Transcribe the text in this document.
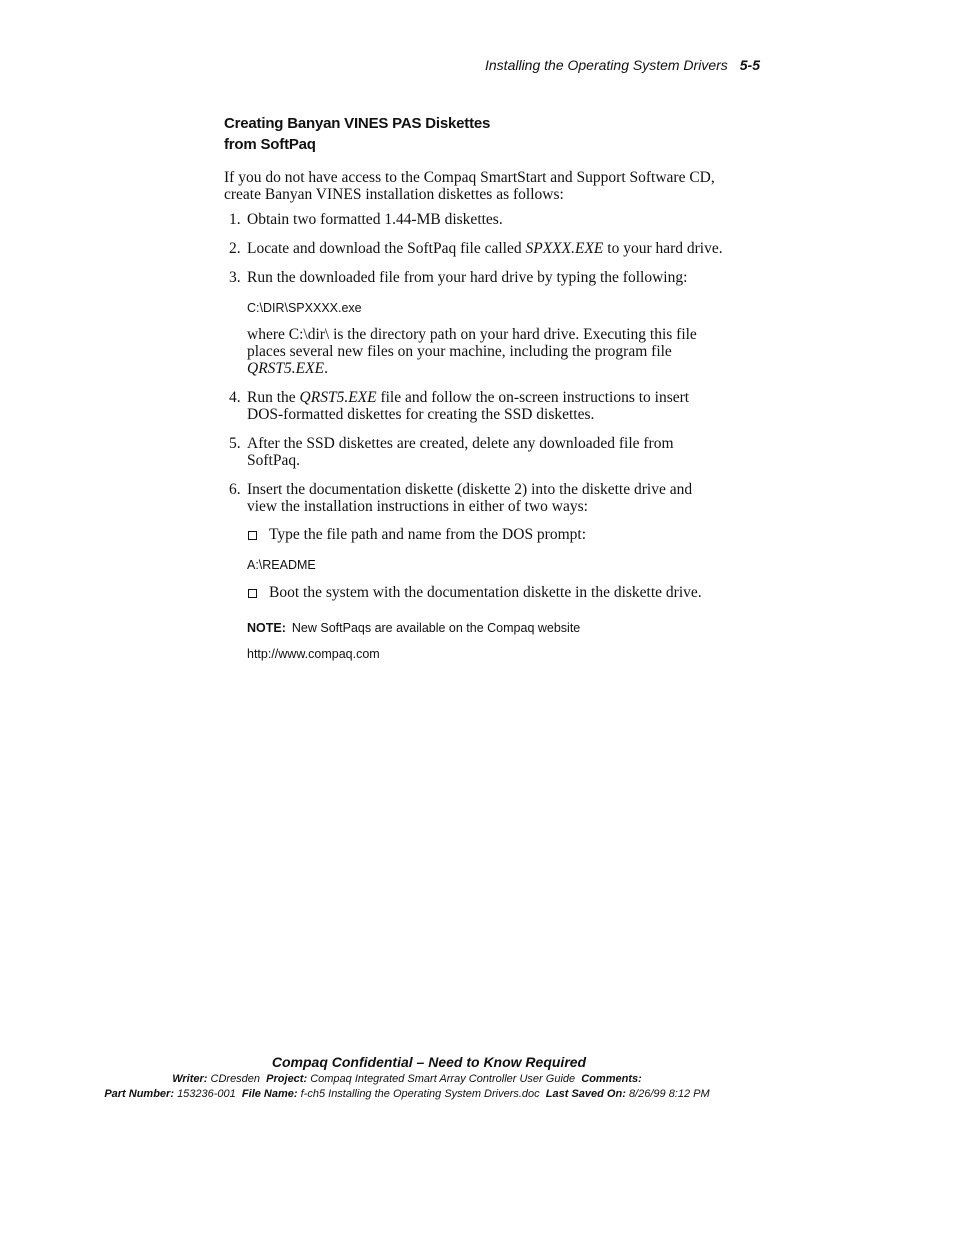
Installing the Operating System Drivers 5-5
Creating Banyan VINES PAS Diskettes
from SoftPaq

If you do not have access to the Compaq SmartStart and Support Software CD, create Banyan VINES installation diskettes as follows:

1. Obtain two formatted 1.44-MB diskettes.
2. Locate and download the SoftPaq file called SPXXX.EXE to your hard drive.
3. Run the downloaded file from your hard drive by typing the following:
C:\DIR\SPXXXX.exe
where C:\dir\ is the directory path on your hard drive. Executing this file places several new files on your machine, including the program file QRST5.EXE.
4. Run the QRST5.EXE file and follow the on-screen instructions to insert DOS-formatted diskettes for creating the SSD diskettes.
5. After the SSD diskettes are created, delete any downloaded file from SoftPaq.
6. Insert the documentation diskette (diskette 2) into the diskette drive and view the installation instructions in either of two ways:
Type the file path and name from the DOS prompt:
A:\README
Boot the system with the documentation diskette in the diskette drive.
NOTE: New SoftPaqs are available on the Compaq website
http://www.compaq.com
Compaq Confidential – Need to Know Required
Writer: CDresden Project: Compaq Integrated Smart Array Controller User Guide Comments:
Part Number: 153236-001 File Name: f-ch5 Installing the Operating System Drivers.doc Last Saved On: 8/26/99 8:12 PM
